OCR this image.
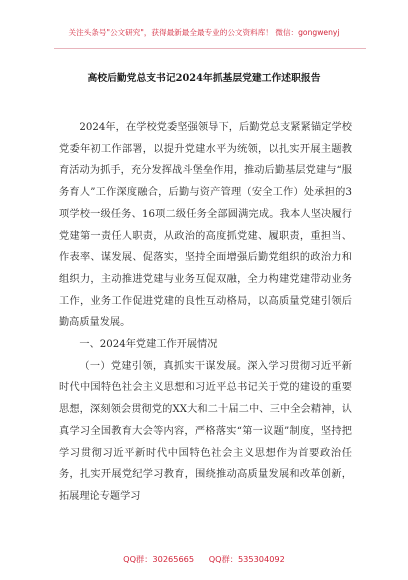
关注头条号"公文研究"，获得最新最全最专业的公文资料库！ 微信：gongwenyj
高校后勤党总支书记2024年抓基层党建工作述职报告

2024年，在学校党委坚强领导下，后勤党总支紧紧锚定学校党委年初工作部署，以提升党建水平为统领，以扎实开展主题教育活动为抓手，充分发挥战斗堡垒作用，推动后勤基层党建与“服务育人”工作深度融合，后勤与资产管理（安全工作）处承担的3项学校一级任务、16项二级任务全部圆满完成。我本人坚决履行党建第一责任人职责，从政治的高度抓党建、履职责，重担当、作表率、谋发展、促落实，坚持全面增强后勤党组织的政治力和组织力，主动推进党建与业务互促双融，全力构建党建带动业务工作，业务工作促进党建的良性互动格局，以高质量党建引领后勤高质量发展。

一、2024年党建工作开展情况

（一）党建引领，真抓实干谋发展。深入学习贯彻习近平新时代中国特色社会主义思想和习近平总书记关于党的建设的重要思想，深刻领会贯彻党的XX大和二十届二中、三中全会精神，认真学习全国教育大会等内容，严格落实“第一议题”制度，坚持把学习贯彻习近平新时代中国特色社会主义思想作为首要政治任务，扎实开展党纪学习教育，围绕推动高质量发展和改革创新，拓展理论专题学习

QQ群：30265665 QQ群：535304092
